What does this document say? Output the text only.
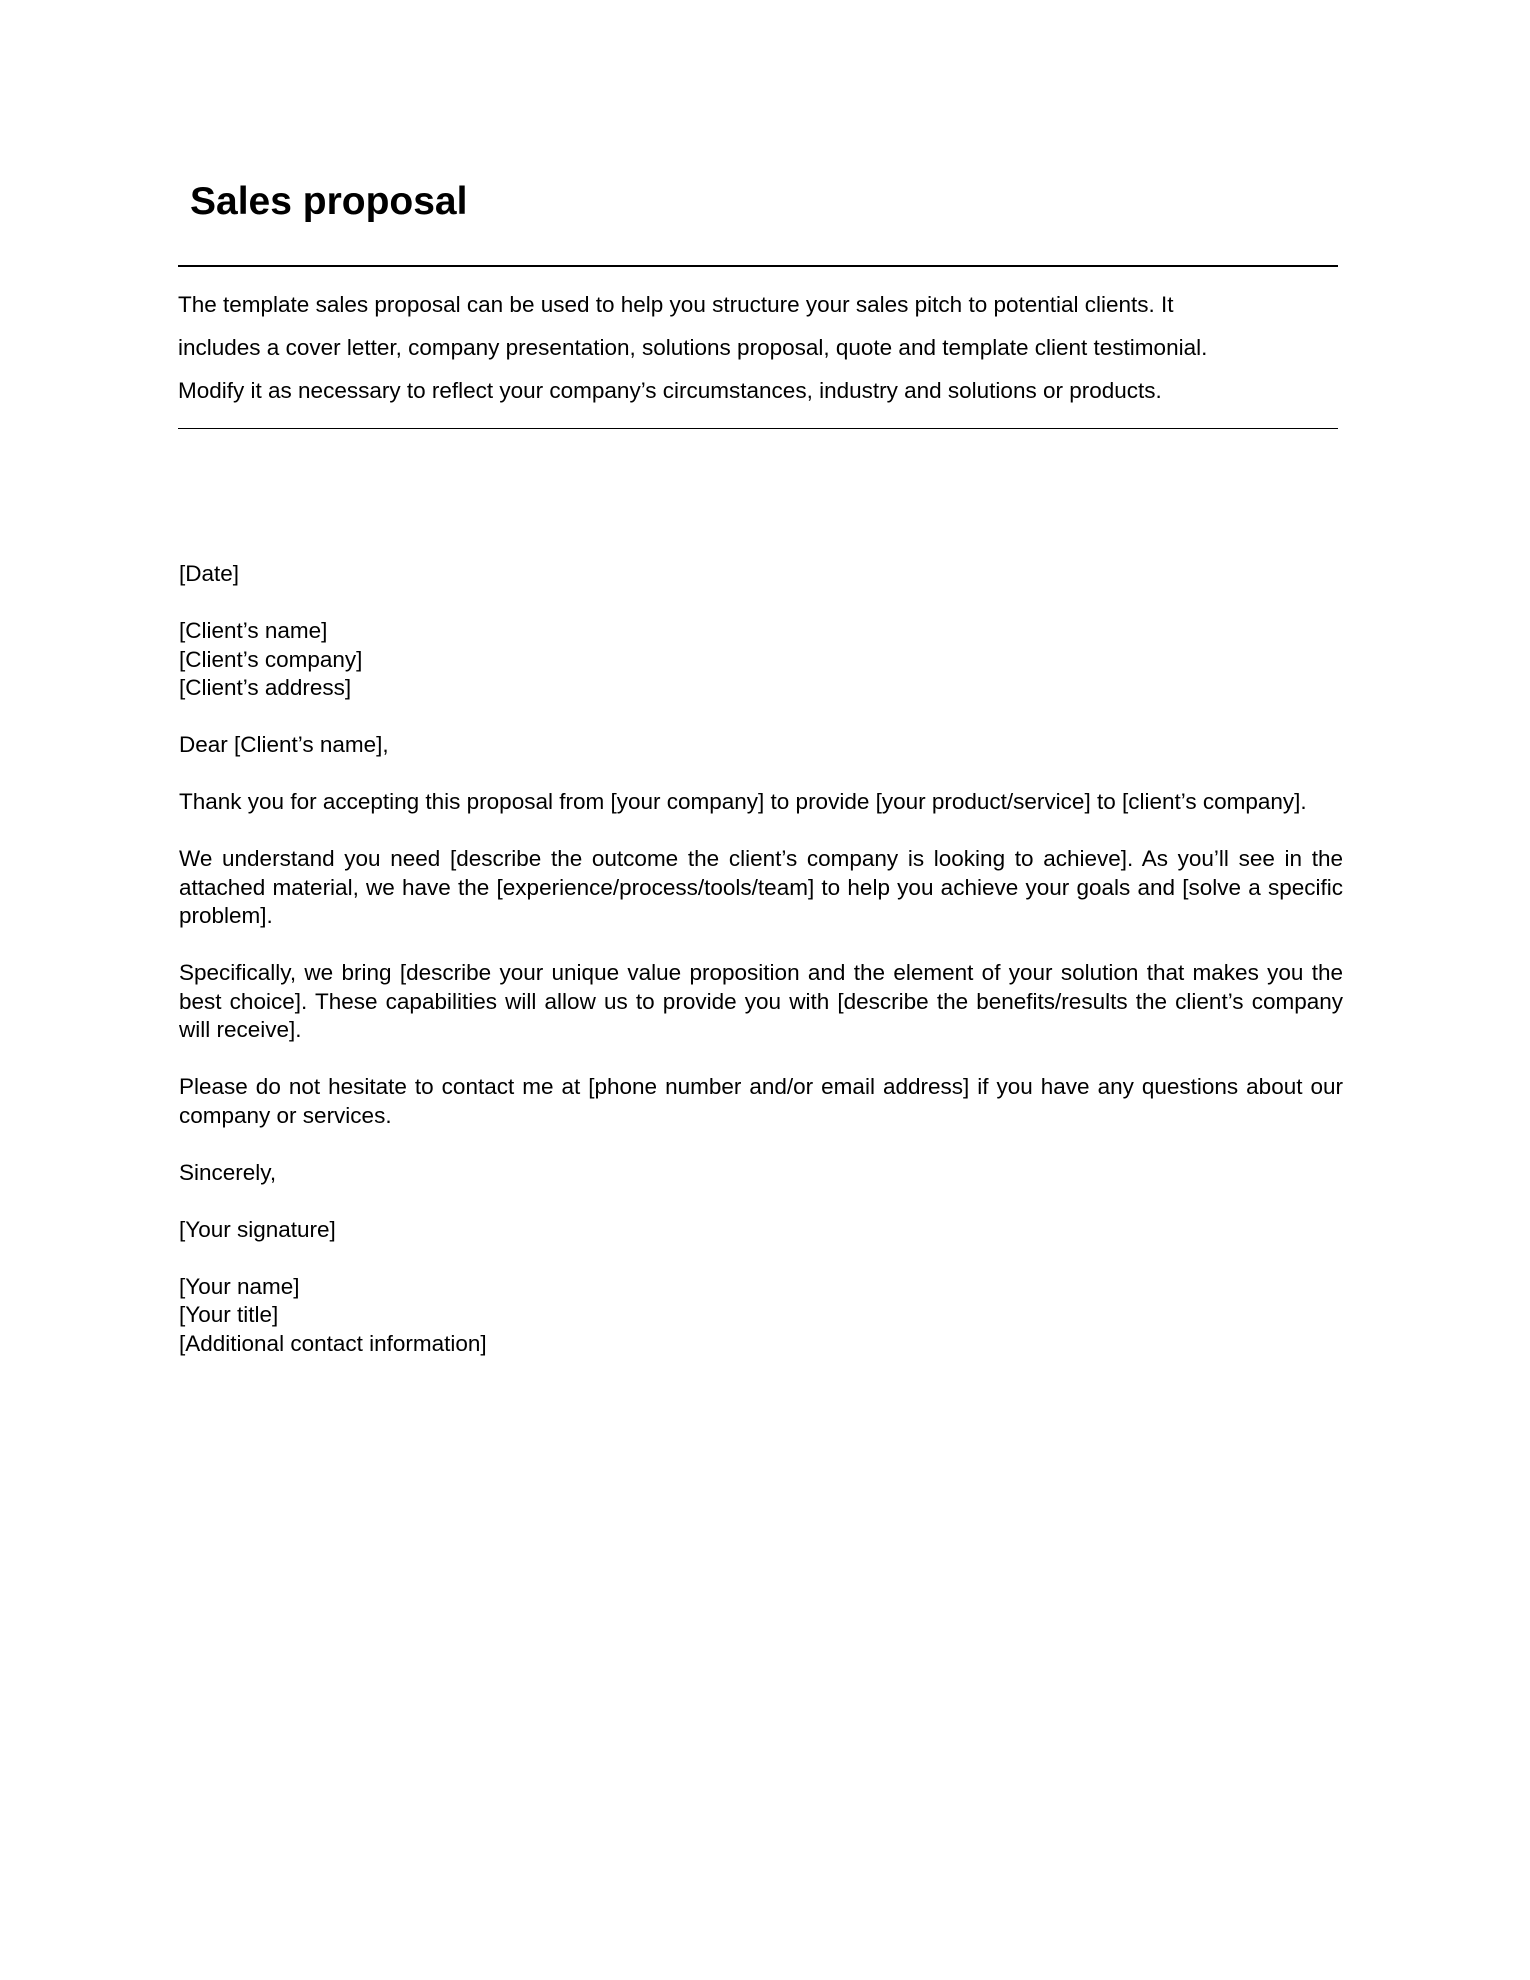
Sales proposal
The template sales proposal can be used to help you structure your sales pitch to potential clients. It
includes a cover letter, company presentation, solutions proposal, quote and template client testimonial.
Modify it as necessary to reflect your company’s circumstances, industry and solutions or products.

[Date]

[Client’s name]
[Client’s company]
[Client’s address]

Dear [Client’s name],

Thank you for accepting this proposal from [your company] to provide [your product/service] to [client’s company].

We understand you need [describe the outcome the client’s company is looking to achieve]. As you’ll see in the attached material, we have the [experience/process/tools/team] to help you achieve your goals and [solve a specific problem].

Specifically, we bring [describe your unique value proposition and the element of your solution that makes you the best choice]. These capabilities will allow us to provide you with [describe the benefits/results the client’s company will receive].

Please do not hesitate to contact me at [phone number and/or email address] if you have any questions about our company or services.

Sincerely,

[Your signature]

[Your name]
[Your title]
[Additional contact information]
